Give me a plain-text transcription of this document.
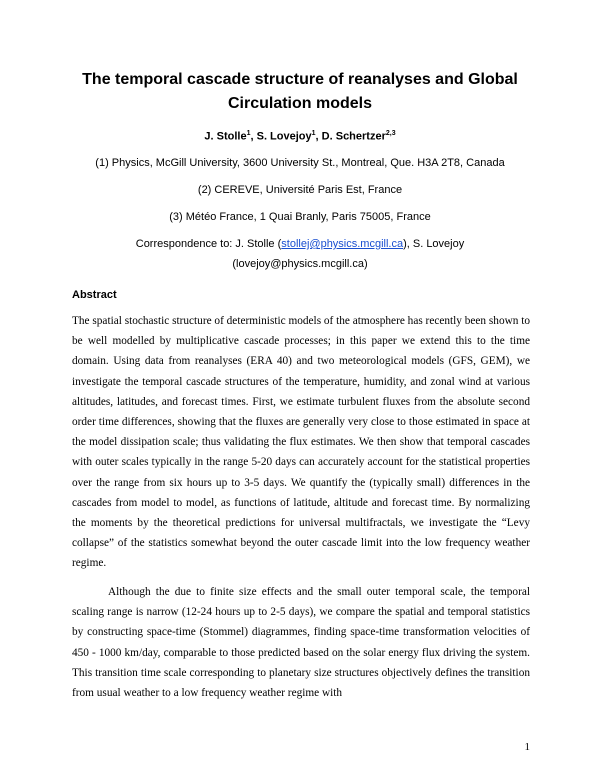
The temporal cascade structure of reanalyses and Global
Circulation models

J. Stolle$^1$, S. Lovejoy$^1$, D. Schertzer$^{2,3}$

(1) Physics, McGill University, 3600 University St., Montreal, Que. H3A 2T8, Canada

(2) CEREVE, Université Paris Est, France

(3) Météo France, 1 Quai Branly, Paris 75005, France

Correspondence to: J. Stolle (stollej@physics.mcgill.ca), S. Lovejoy

(lovejoy@physics.mcgill.ca)

Abstract

The spatial stochastic structure of deterministic models of the atmosphere has recently been shown to be well modelled by multiplicative cascade processes; in this paper we extend this to the time domain. Using data from reanalyses (ERA 40) and two meteorological models (GFS, GEM), we investigate the temporal cascade structures of the temperature, humidity, and zonal wind at various altitudes, latitudes, and forecast times. First, we estimate turbulent fluxes from the absolute second order time differences, showing that the fluxes are generally very close to those estimated in space at the model dissipation scale; thus validating the flux estimates. We then show that temporal cascades with outer scales typically in the range 5-20 days can accurately account for the statistical properties over the range from six hours up to 3-5 days. We quantify the (typically small) differences in the cascades from model to model, as functions of latitude, altitude and forecast time. By normalizing the moments by the theoretical predictions for universal multifractals, we investigate the “Levy collapse” of the statistics somewhat beyond the outer cascade limit into the low frequency weather regime.

Although the due to finite size effects and the small outer temporal scale, the temporal scaling range is narrow (12-24 hours up to 2-5 days), we compare the spatial and temporal statistics by constructing space-time (Stommel) diagrammes, finding space-time transformation velocities of 450 - 1000 km/day, comparable to those predicted based on the solar energy flux driving the system. This transition time scale corresponding to planetary size structures objectively defines the transition from usual weather to a low frequency weather regime with

1
